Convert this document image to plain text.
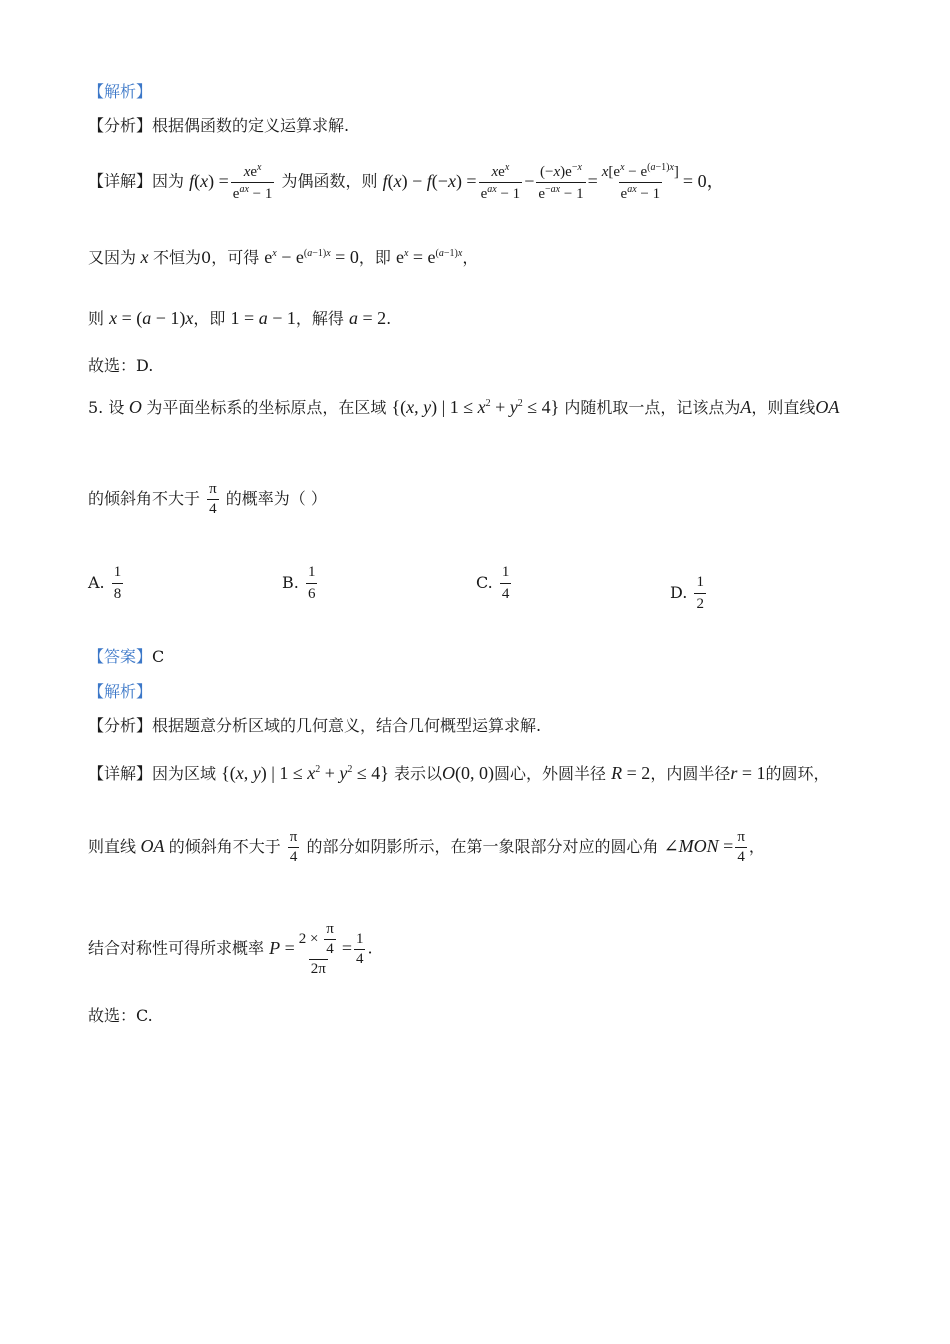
【解析】
【分析】根据偶函数的定义运算求解.
【详解】因为 $f(x) = \frac{xe^x}{e^{ax} - 1}$ 为偶函数，则 $f(x) - f(-x) = \frac{xe^x}{e^{ax} - 1} - \frac{(-x)e^{-x}}{e^{-ax} - 1} = \frac{x[e^x - e^{(a-1)x}]}{e^{ax} - 1} = 0$，
又因为 x 不恒为0，可得 $e^x - e^{(a-1)x} = 0$，即 $e^x = e^{(a-1)x}$，
则 x = (a − 1)x，即 1 = a − 1，解得 a = 2.
故选：D.
5. 设 O 为平面坐标系的坐标原点，在区域 {(x, y) | $1 \le x^2 + y^2 \le 4$} 内随机取一点，记该点为A，则直线OA
的倾斜角不大于 $\frac{\pi}{4}$ 的概率为（ ）
A. $\frac{1}{8}$	B. $\frac{1}{6}$	C. $\frac{1}{4}$	D. $\frac{1}{2}$
【答案】C
【解析】
【分析】根据题意分析区域的几何意义，结合几何概型运算求解.
【详解】因为区域 {(x, y) | $1 \le x^2 + y^2 \le 4$} 表示以O(0, 0)圆心，外圆半径 R = 2，内圆半径r = 1的圆环，
则直线 OA 的倾斜角不大于 $\frac{\pi}{4}$ 的部分如阴影所示，在第一象限部分对应的圆心角 ∠MON = $\frac{\pi}{4}$ ，
结合对称性可得所求概率 $P = \frac{2 \times \frac{\pi}{4}}{2\pi} = \frac{1}{4}$ .
故选：C.
